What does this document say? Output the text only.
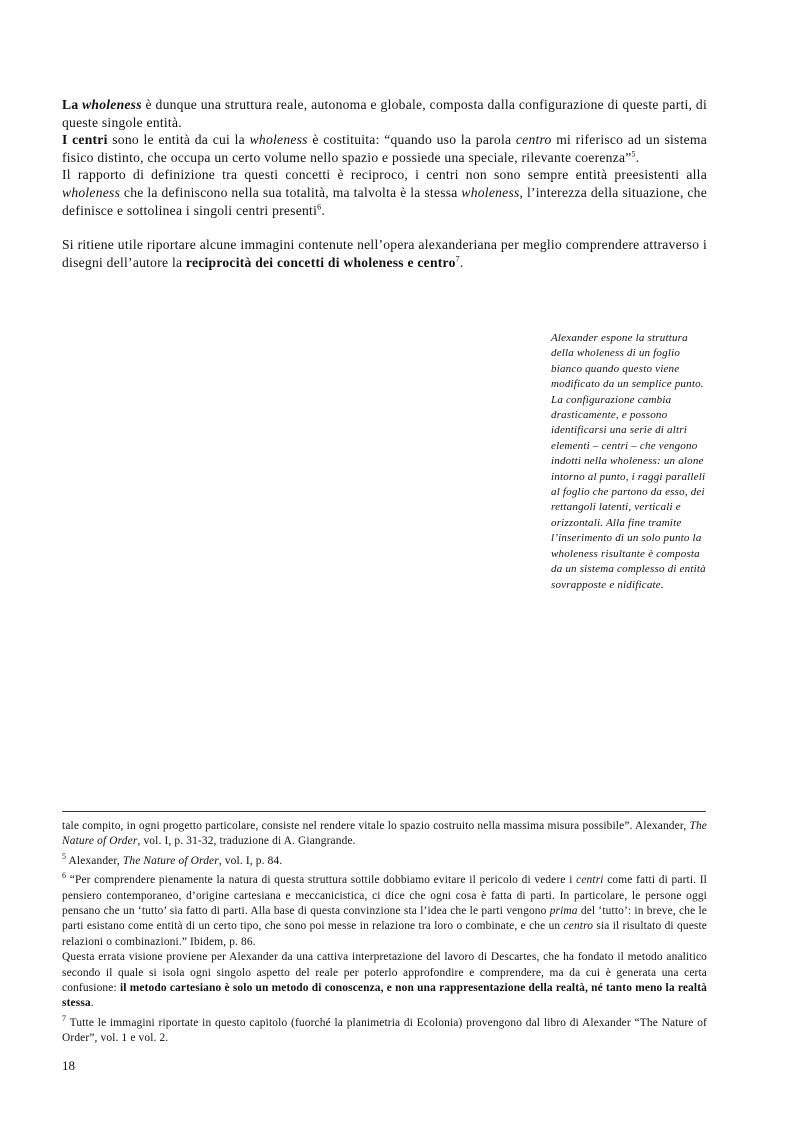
La wholeness è dunque una struttura reale, autonoma e globale, composta dalla configurazione di queste parti, di queste singole entità.

I centri sono le entità da cui la wholeness è costituita: “quando uso la parola centro mi riferisco ad un sistema fisico distinto, che occupa un certo volume nello spazio e possiede una speciale, rilevante coerenza”$^5$.

Il rapporto di definizione tra questi concetti è reciproco, i centri non sono sempre entità preesistenti alla wholeness che la definiscono nella sua totalità, ma talvolta è la stessa wholeness, l’interezza della situazione, che definisce e sottolinea i singoli centri presenti$^6$.

Si ritiene utile riportare alcune immagini contenute nell’opera alexanderiana per meglio comprendere attraverso i disegni dell’autore la reciprocità dei concetti di wholeness e centro$^7$.

Alexander espone la struttura della wholeness di un foglio bianco quando questo viene modificato da un semplice punto. La configurazione cambia drasticamente, e possono identificarsi una serie di altri elementi – centri – che vengono indotti nella wholeness: un alone intorno al punto, i raggi paralleli al foglio che partono da esso, dei rettangoli latenti, verticali e orizzontali. Alla fine tramite l’inserimento di un solo punto la wholeness risultante è composta da un sistema complesso di entità sovrapposte e nidificate.

tale compito, in ogni progetto particolare, consiste nel rendere vitale lo spazio costruito nella massima misura possibile”. Alexander, The Nature of Order, vol. I, p. 31-32, traduzione di A. Giangrande.

$^5$ Alexander, The Nature of Order, vol. I, p. 84.

$^6$ “Per comprendere pienamente la natura di questa struttura sottile dobbiamo evitare il pericolo di vedere i centri come fatti di parti. Il pensiero contemporaneo, d’origine cartesiana e meccanicistica, ci dice che ogni cosa è fatta di parti. In particolare, le persone oggi pensano che un ‘tutto’ sia fatto di parti. Alla base di questa convinzione sta l’idea che le parti vengono prima del ‘tutto’: in breve, che le parti esistano come entità di un certo tipo, che sono poi messe in relazione tra loro o combinate, e che un centro sia il risultato di queste relazioni o combinazioni.” Ibidem, p. 86.

Questa errata visione proviene per Alexander da una cattiva interpretazione del lavoro di Descartes, che ha fondato il metodo analitico secondo il quale si isola ogni singolo aspetto del reale per poterlo approfondire e comprendere, ma da cui è generata una certa confusione: il metodo cartesiano è solo un metodo di conoscenza, e non una rappresentazione della realtà, né tanto meno la realtà stessa.

$^7$ Tutte le immagini riportate in questo capitolo (fuorché la planimetria di Ecolonia) provengono dal libro di Alexander “The Nature of Order”, vol. 1 e vol. 2.

18
